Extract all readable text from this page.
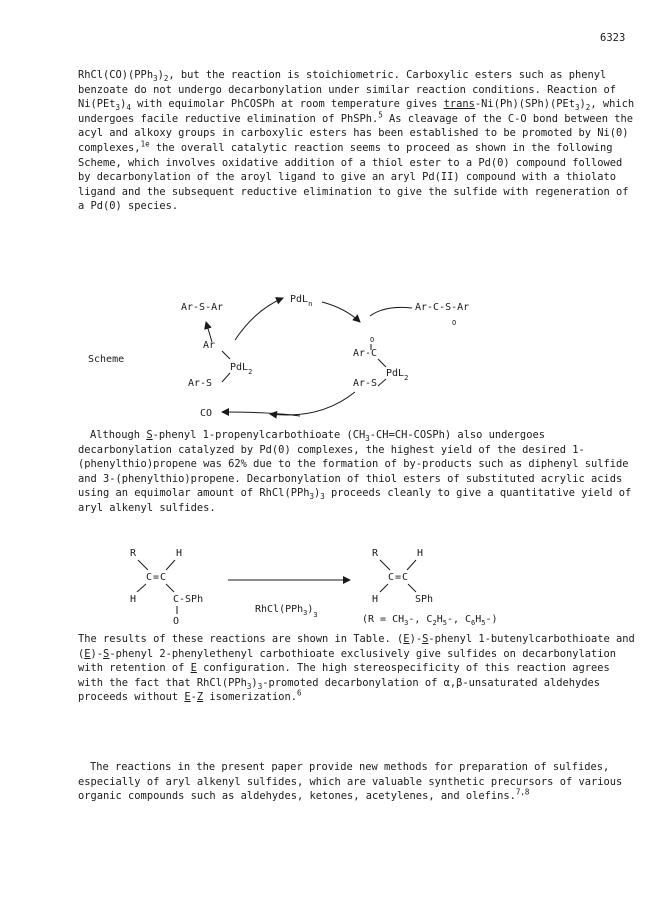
6323

$RhCl(CO)(PPh_3)_2$, but the reaction is stoichiometric. Carboxylic esters such as phenyl benzoate do not undergo decarbonylation under similar reaction conditions. Reaction of $Ni(PEt_3)_4$ with equimolar PhCOSPh at room temperature gives trans-$Ni(Ph)(SPh)(PEt_3)_2$, which undergoes facile reductive elimination of PhSPh.$^5$ As cleavage of the C-O bond between the acyl and alkoxy groups in carboxylic esters has been established to be promoted by Ni(0) complexes,$^{1e}$ the overall catalytic reaction seems to proceed as shown in the following Scheme, which involves oxidative addition of a thiol ester to a Pd(0) compound followed by decarbonylation of the aroyl ligand to give an aryl Pd(II) compound with a thiolato ligand and the subsequent reductive elimination to give the sulfide with regeneration of a Pd(0) species.

Scheme
PdL$_n$
Ar-S-Ar	Ar-C-S-Ar
O
Ar
PdL$_2$
Ar-S
O
Ar-C
PdL$_2$
Ar-S
CO

Although S-phenyl 1-propenylcarbothioate $(CH_3-CH=CH-COSPh)$ also undergoes decarbonylation catalyzed by Pd(0) complexes, the highest yield of the desired 1-(phenylthio)propene was 62% due to the formation of by-products such as diphenyl sulfide and 3-(phenylthio)propene. Decarbonylation of thiol esters of substituted acrylic acids using an equimolar amount of $RhCl(PPh_3)_3$ proceeds cleanly to give a quantitative yield of aryl alkenyl sulfides.

R	H
C = C
H	C-SPh
O
$RhCl(PPh_3)_3$
R	H
C = C
H	SPh
($R = CH_3-$, $C_2H_5-$, $C_6H_5-$)

The results of these reactions are shown in Table. (E)-S-phenyl 1-butenylcarbothioate and (E)-S-phenyl 2-phenylethenyl carbothioate exclusively give sulfides on decarbonylation with retention of E configuration. The high stereospecificity of this reaction agrees with the fact that $RhCl(PPh_3)_3$-promoted decarbonylation of α,β-unsaturated aldehydes proceeds without E-Z isomerization.$^6$

The reactions in the present paper provide new methods for preparation of sulfides, especially of aryl alkenyl sulfides, which are valuable synthetic precursors of various organic compounds such as aldehydes, ketones, acetylenes, and olefins.$^{7,8}$
